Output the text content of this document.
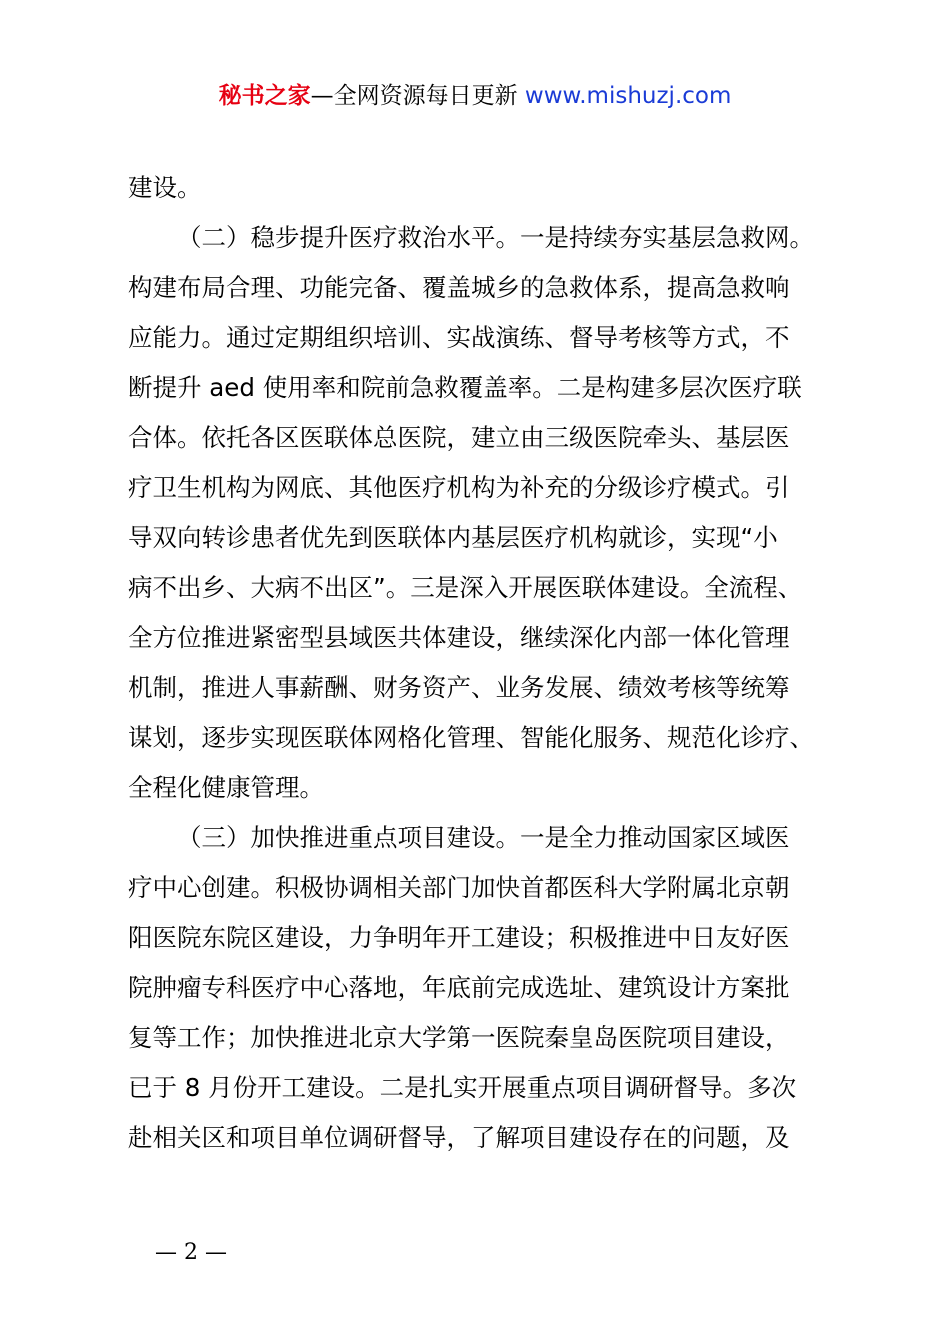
秘书之家—全网资源每日更新 www.mishuzj.com
建设。
（二）稳步提升医疗救治水平。一是持续夯实基层急救网。
构建布局合理、功能完备、覆盖城乡的急救体系，提高急救响
应能力。通过定期组织培训、实战演练、督导考核等方式，不
断提升 aed 使用率和院前急救覆盖率。二是构建多层次医疗联
合体。依托各区医联体总医院，建立由三级医院牵头、基层医
疗卫生机构为网底、其他医疗机构为补充的分级诊疗模式。引
导双向转诊患者优先到医联体内基层医疗机构就诊，实现“小
病不出乡、大病不出区”。三是深入开展医联体建设。全流程、
全方位推进紧密型县域医共体建设，继续深化内部一体化管理
机制，推进人事薪酬、财务资产、业务发展、绩效考核等统筹
谋划，逐步实现医联体网格化管理、智能化服务、规范化诊疗、
全程化健康管理。
（三）加快推进重点项目建设。一是全力推动国家区域医
疗中心创建。积极协调相关部门加快首都医科大学附属北京朝
阳医院东院区建设，力争明年开工建设；积极推进中日友好医
院肿瘤专科医疗中心落地，年底前完成选址、建筑设计方案批
复等工作；加快推进北京大学第一医院秦皇岛医院项目建设，
已于 8 月份开工建设。二是扎实开展重点项目调研督导。多次
赴相关区和项目单位调研督导，了解项目建设存在的问题，及
— 2 —
